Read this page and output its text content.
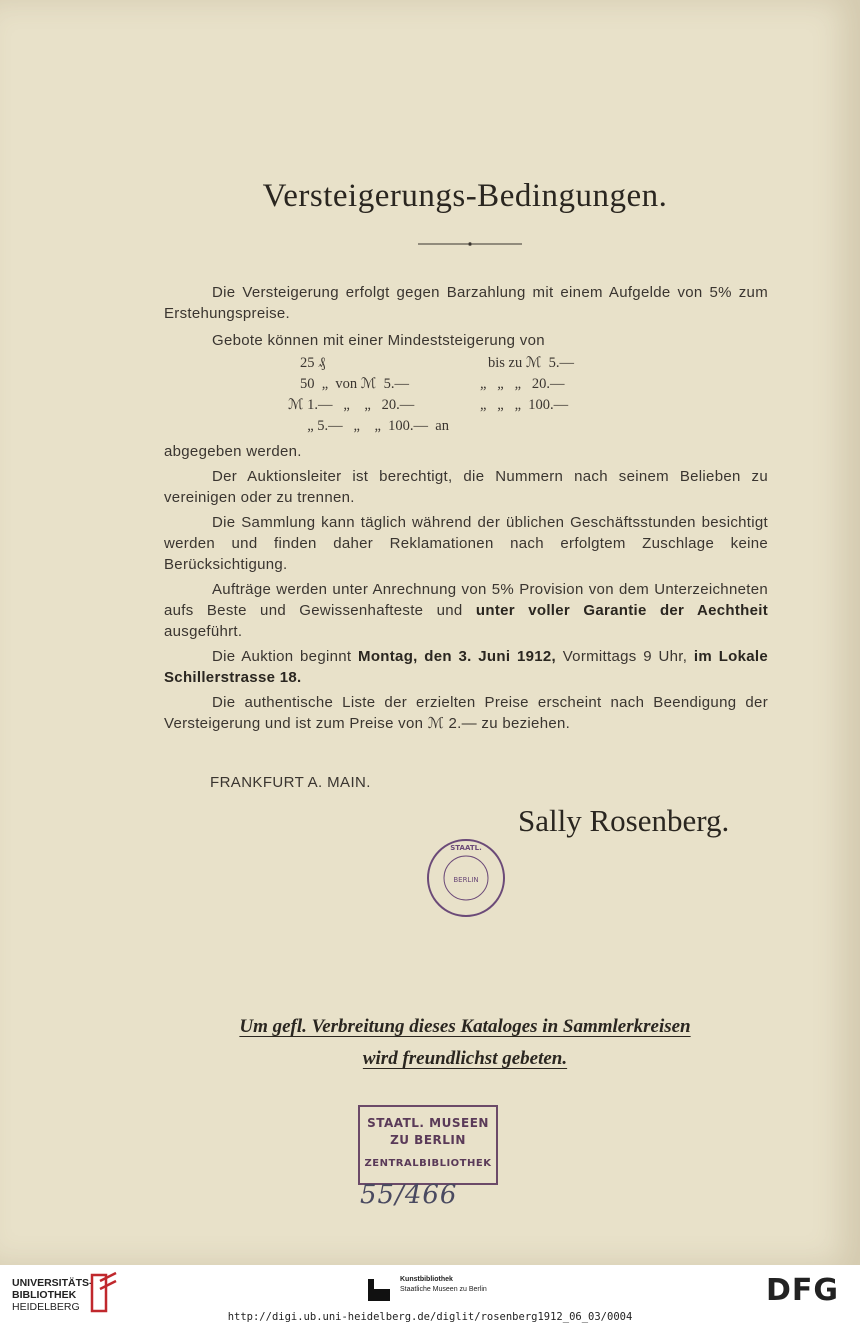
Versteigerungs-Bedingungen.

Die Versteigerung erfolgt gegen Barzahlung mit einem Aufgelde von 5% zum Erstehungspreise.

Gebote können mit einer Mindeststeigerung von

25 ₰	bis zu ℳ  5.—
50  „  von ℳ  5.—	„   „   „   20.—
ℳ 1.—   „    „   20.—	„   „   „  100.—
„ 5.—   „    „  100.—  an

abgegeben werden.

Der Auktionsleiter ist berechtigt, die Nummern nach seinem Belieben zu vereinigen oder zu trennen.

Die Sammlung kann täglich während der üblichen Geschäftsstunden besichtigt werden und finden daher Reklamationen nach erfolgtem Zuschlage keine Berücksichtigung.

Aufträge werden unter Anrechnung von 5% Provision von dem Unterzeichneten aufs Beste und Gewissenhafteste und unter voller Garantie der Aechtheit ausgeführt.

Die Auktion beginnt Montag, den 3. Juni 1912, Vormittags 9 Uhr, im Lokale Schillerstrasse 18.

Die authentische Liste der erzielten Preise erscheint nach Beendigung der Versteigerung und ist zum Preise von ℳ 2.— zu beziehen.

FRANKFURT A. MAIN.
Sally Rosenberg.
BERLIN
STAATL.
Um gefl. Verbreitung dieses Kataloges in Sammlerkreisen
wird freundlichst gebeten.
STAATL. MUSEEN
ZU BERLIN
ZENTRALBIBLIOTHEK
55/466
UNIVERSITÄTS-
BIBLIOTHEK
HEIDELBERG
Kunstbibliothek
Staatliche Museen zu Berlin	DFG
http://digi.ub.uni-heidelberg.de/diglit/rosenberg1912_06_03/0004
